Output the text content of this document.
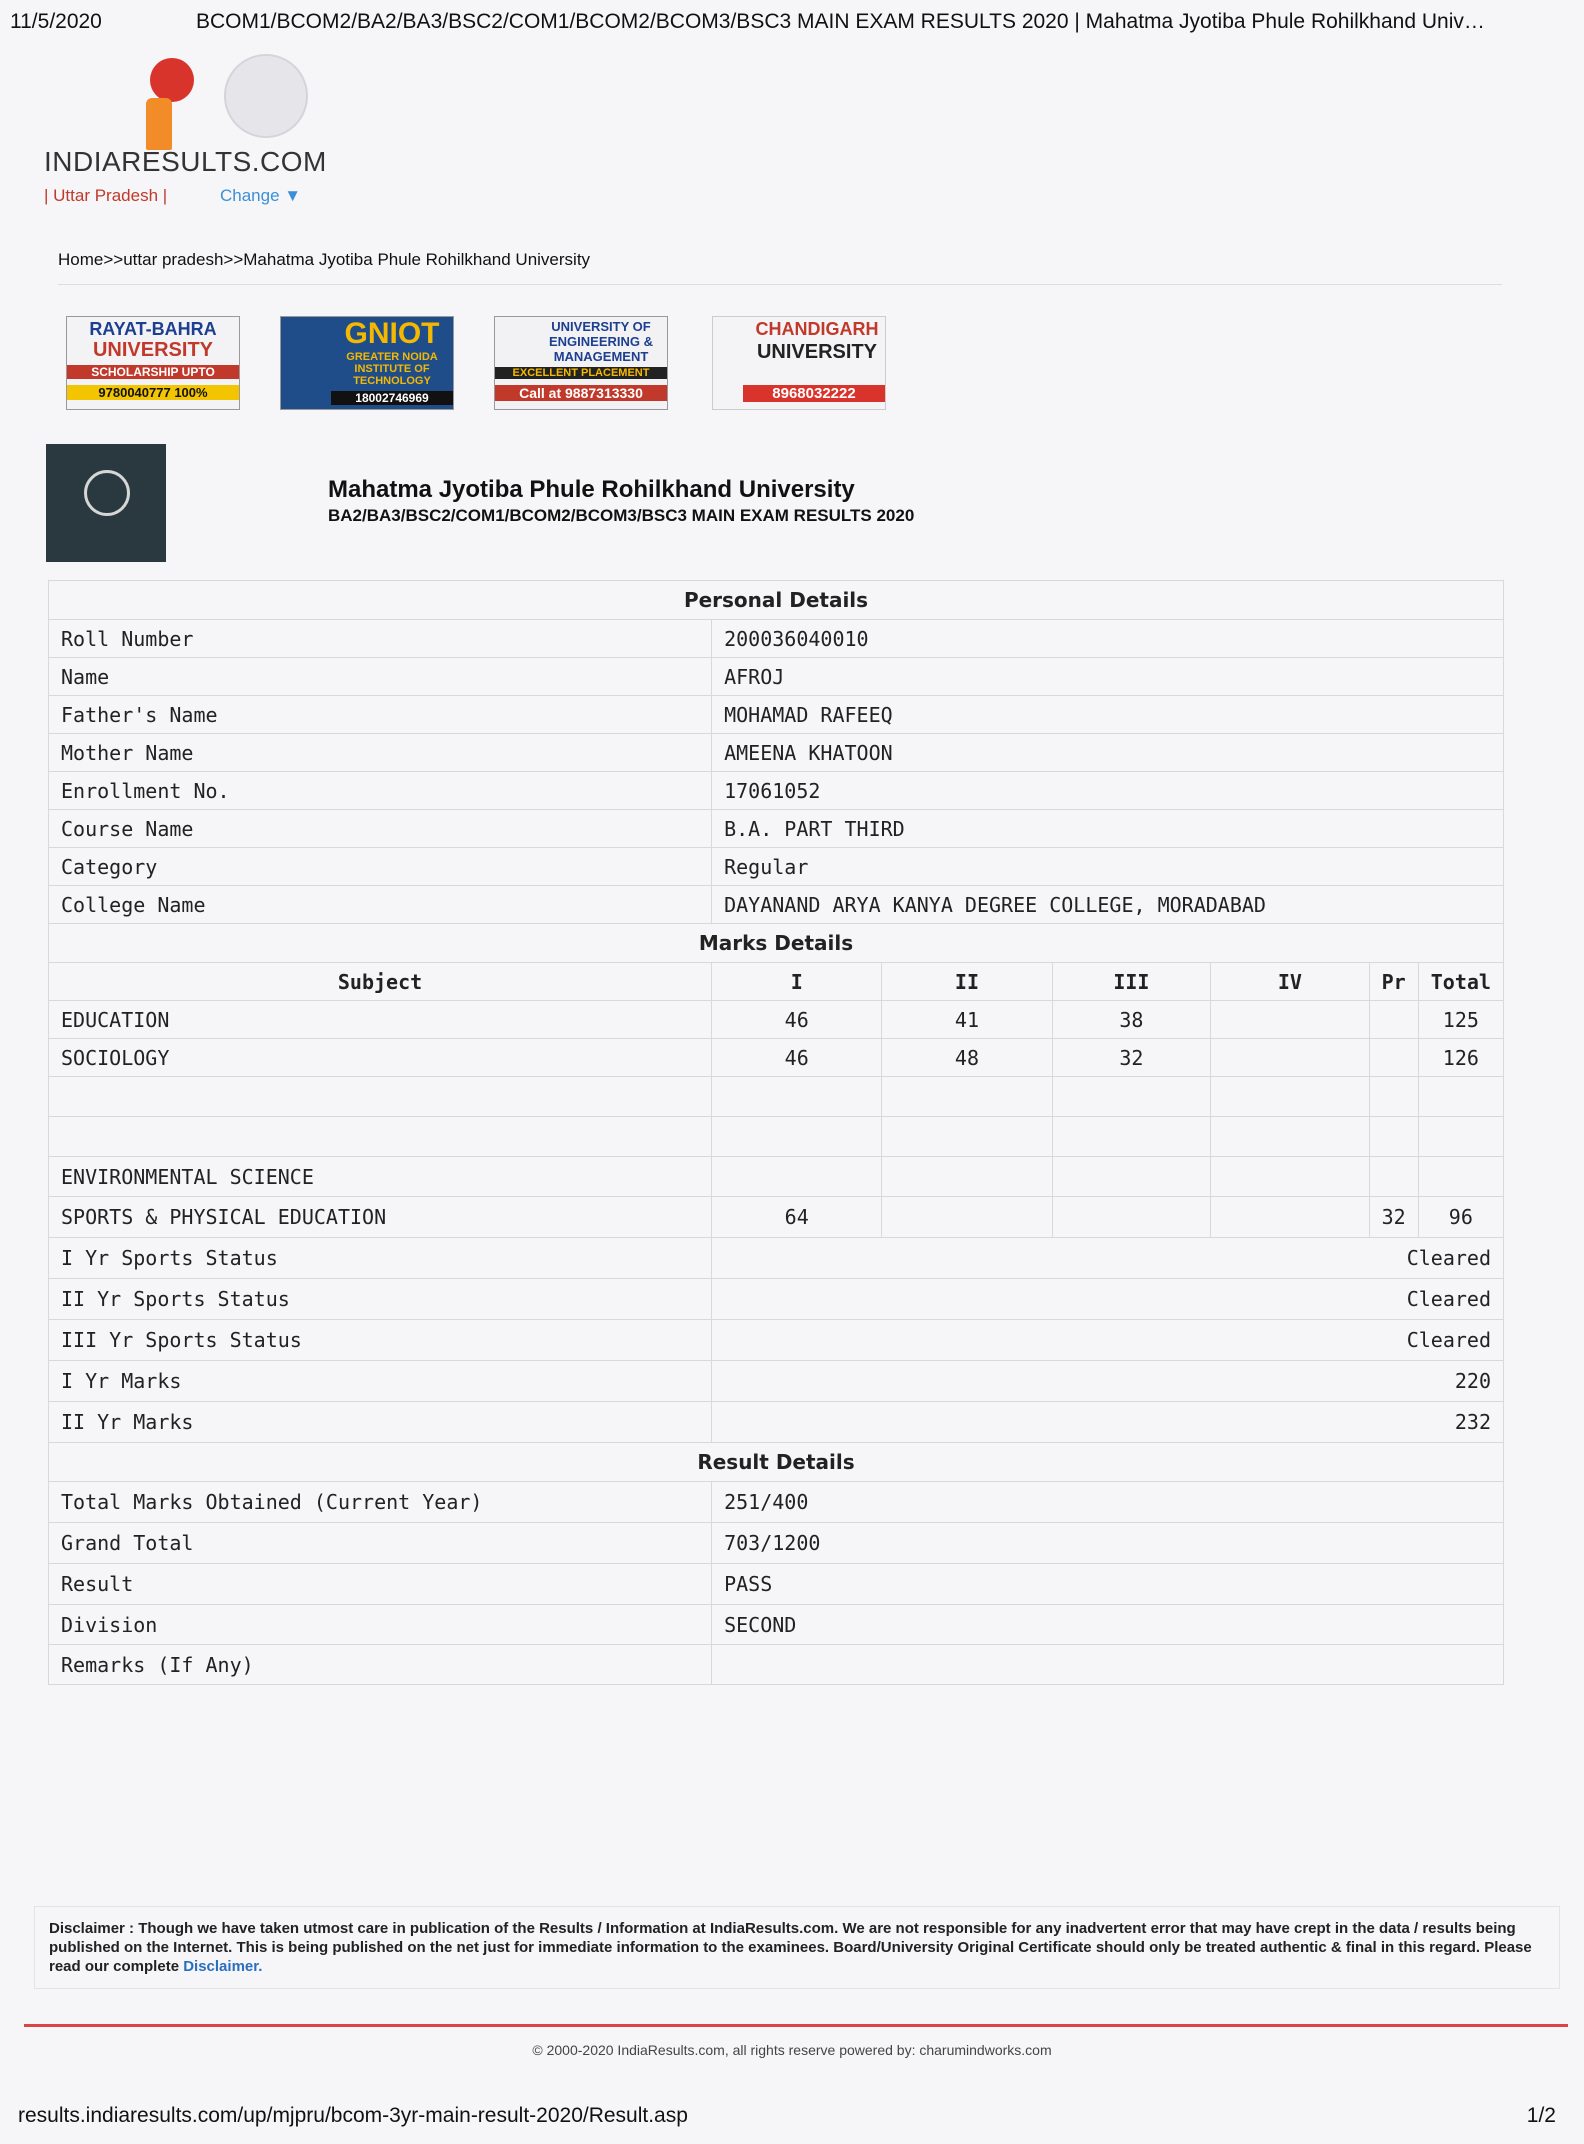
11/5/2020	BCOM1/BCOM2/BA2/BA3/BSC2/COM1/BCOM2/BCOM3/BSC3 MAIN EXAM RESULTS 2020 | Mahatma Jyotiba Phule Rohilkhand Univ…
INDIARESULTS.COM
| Uttar Pradesh |	Change ▼
Home>>uttar pradesh>>Mahatma Jyotiba Phule Rohilkhand University
RAYAT-BAHRA
UNIVERSITY
SCHOLARSHIP UPTO
9780040777 100%
GNIOT
GREATER NOIDA INSTITUTE OF TECHNOLOGY
18002746969
UNIVERSITY OF ENGINEERING & MANAGEMENT
EXCELLENT PLACEMENT
Call at 9887313330
CHANDIGARH
UNIVERSITY
8968032222
Mahatma Jyotiba Phule Rohilkhand University
BA2/BA3/BSC2/COM1/BCOM2/BCOM3/BSC3 MAIN EXAM RESULTS 2020
Personal Details						
Roll Number	200036040010					
Name	AFROJ					
Father's Name	MOHAMAD RAFEEQ					
Mother Name	AMEENA KHATOON					
Enrollment No.	17061052					
Course Name	B.A. PART THIRD					
Category	Regular					
College Name	DAYANAND ARYA KANYA DEGREE COLLEGE, MORADABAD					
Marks Details						
Subject	I	II	III	IV	Pr	Total
EDUCATION	46	41	38			125
SOCIOLOGY	46	48	32			126

ENVIRONMENTAL SCIENCE						
SPORTS & PHYSICAL EDUCATION	64				32	96
I Yr Sports Status	Cleared					
II Yr Sports Status	Cleared					
III Yr Sports Status	Cleared					
I Yr Marks	220					
II Yr Marks	232					
Result Details						
Total Marks Obtained (Current Year)	251/400					
Grand Total	703/1200					
Result	PASS					
Division	SECOND					
Remarks (If Any)						
Disclaimer : Though we have taken utmost care in publication of the Results / Information at IndiaResults.com. We are not responsible for any inadvertent error that may have crept in the data / results being published on the Internet. This is being published on the net just for immediate information to the examinees. Board/University Original Certificate should only be treated authentic & final in this regard. Please read our complete Disclaimer.
© 2000-2020 IndiaResults.com, all rights reserve powered by: charumindworks.com
results.indiaresults.com/up/mjpru/bcom-3yr-main-result-2020/Result.asp	1/2
